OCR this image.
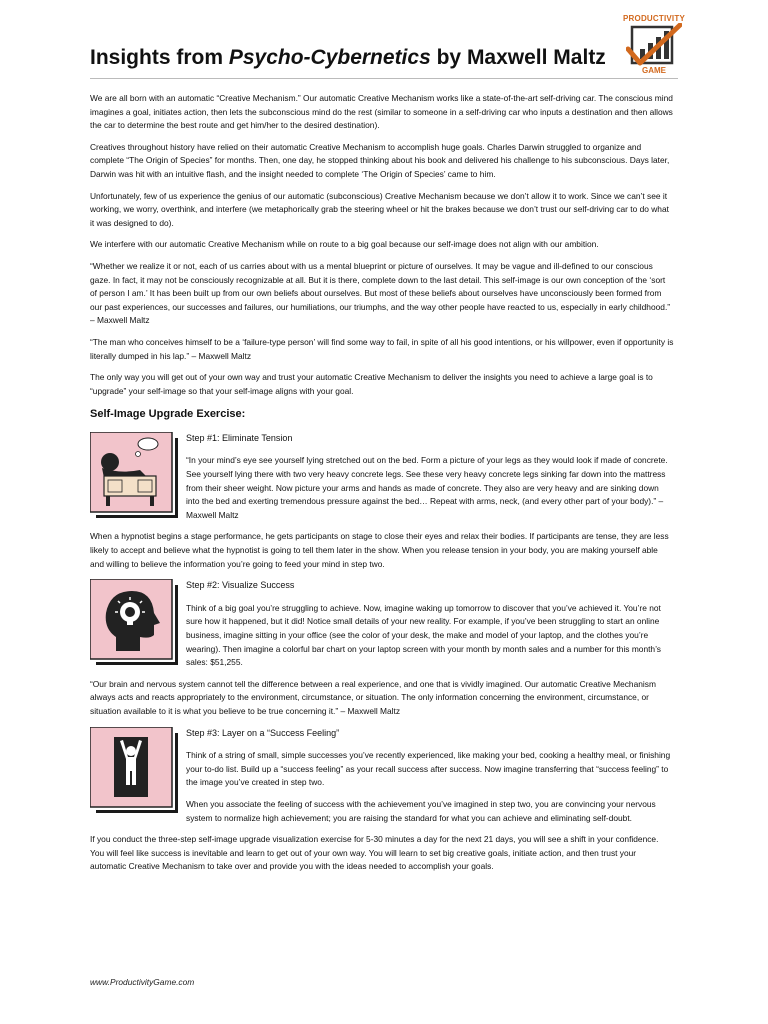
Insights from Psycho-Cybernetics by Maxwell Maltz
PRODUCTIVITY
GAME

We are all born with an automatic “Creative Mechanism.” Our automatic Creative Mechanism works like a state-of-the-art self-driving car. The conscious mind imagines a goal, initiates action, then lets the subconscious mind do the rest (similar to someone in a self-driving car who inputs a destination and then allows the car to determine the best route and get him/her to the desired destination).

Creatives throughout history have relied on their automatic Creative Mechanism to accomplish huge goals. Charles Darwin struggled to organize and complete “The Origin of Species” for months. Then, one day, he stopped thinking about his book and delivered his challenge to his subconscious. Days later, Darwin was hit with an intuitive flash, and the insight needed to complete ‘The Origin of Species’ came to him.

Unfortunately, few of us experience the genius of our automatic (subconscious) Creative Mechanism because we don’t allow it to work. Since we can’t see it working, we worry, overthink, and interfere (we metaphorically grab the steering wheel or hit the brakes because we don’t trust our self-driving car to do what it was designed to do).

We interfere with our automatic Creative Mechanism while on route to a big goal because our self-image does not align with our ambition.

“Whether we realize it or not, each of us carries about with us a mental blueprint or picture of ourselves. It may be vague and ill-defined to our conscious gaze. In fact, it may not be consciously recognizable at all. But it is there, complete down to the last detail. This self-image is our own conception of the ‘sort of person I am.’ It has been built up from our own beliefs about ourselves. But most of these beliefs about ourselves have unconsciously been formed from our past experiences, our successes and failures, our humiliations, our triumphs, and the way other people have reacted to us, especially in early childhood.” – Maxwell Maltz

“The man who conceives himself to be a ‘failure-type person’ will find some way to fail, in spite of all his good intentions, or his willpower, even if opportunity is literally dumped in his lap.” – Maxwell Maltz

The only way you will get out of your own way and trust your automatic Creative Mechanism to deliver the insights you need to achieve a large goal is to “upgrade” your self-image so that your self-image aligns with your goal.

Self-Image Upgrade Exercise:
Step #1: Eliminate Tension

“In your mind’s eye see yourself lying stretched out on the bed. Form a picture of your legs as they would look if made of concrete. See yourself lying there with two very heavy concrete legs. See these very heavy concrete legs sinking far down into the mattress from their sheer weight. Now picture your arms and hands as made of concrete. They also are very heavy and are sinking down into the bed and exerting tremendous pressure against the bed… Repeat with arms, neck, (and every other part of your body).” – Maxwell Maltz

When a hypnotist begins a stage performance, he gets participants on stage to close their eyes and relax their bodies. If participants are tense, they are less likely to accept and believe what the hypnotist is going to tell them later in the show. When you release tension in your body, you are making yourself able and willing to believe the information you’re going to feed your mind in step two.

Step #2: Visualize Success

Think of a big goal you’re struggling to achieve. Now, imagine waking up tomorrow to discover that you’ve achieved it. You’re not sure how it happened, but it did! Notice small details of your new reality. For example, if you’ve been struggling to start an online business, imagine sitting in your office (see the color of your desk, the make and model of your laptop, and the clothes you’re wearing). Then imagine a colorful bar chart on your laptop screen with your month by month sales and a number for this month’s sales: $51,255.

“Our brain and nervous system cannot tell the difference between a real experience, and one that is vividly imagined. Our automatic Creative Mechanism always acts and reacts appropriately to the environment, circumstance, or situation. The only information concerning the environment, circumstance, or situation available to it is what you believe to be true concerning it.” – Maxwell Maltz

Step #3: Layer on a “Success Feeling”

Think of a string of small, simple successes you’ve recently experienced, like making your bed, cooking a healthy meal, or finishing your to-do list. Build up a “success feeling” as your recall success after success. Now imagine transferring that “success feeling” to the image you’ve created in step two.

When you associate the feeling of success with the achievement you’ve imagined in step two, you are convincing your nervous system to normalize high achievement; you are raising the standard for what you can achieve and eliminating self-doubt.

If you conduct the three-step self-image upgrade visualization exercise for 5-30 minutes a day for the next 21 days, you will see a shift in your confidence. You will feel like success is inevitable and learn to get out of your own way. You will learn to set big creative goals, initiate action, and then trust your automatic Creative Mechanism to take over and provide you with the ideas needed to accomplish your goals.

www.ProductivityGame.com
